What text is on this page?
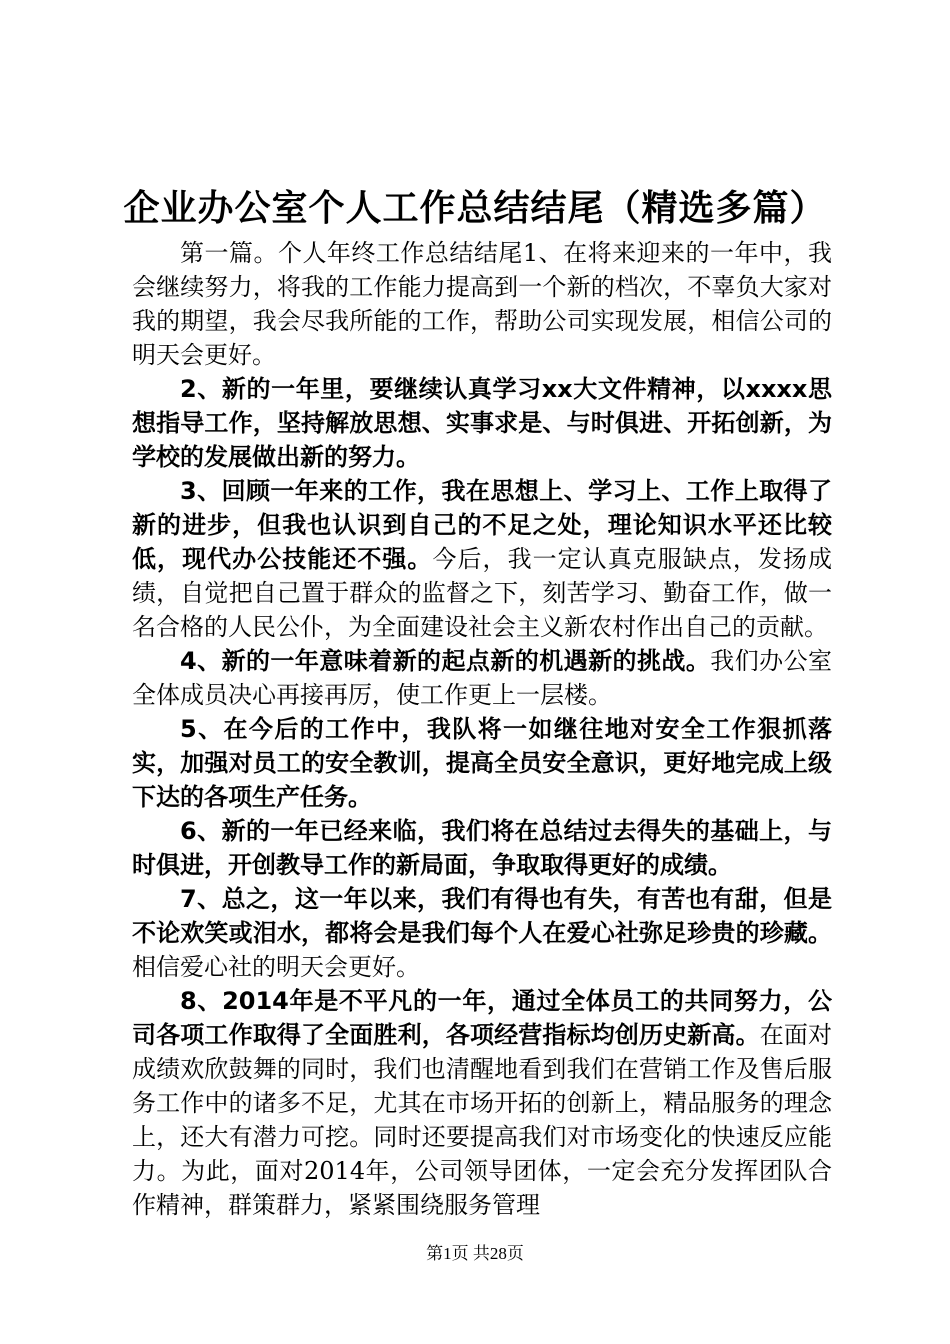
企业办公室个人工作总结结尾（精选多篇）

第一篇。个人年终工作总结结尾1、在将来迎来的一年中，我会继续努力，将我的工作能力提高到一个新的档次，不辜负大家对我的期望，我会尽我所能的工作，帮助公司实现发展，相信公司的明天会更好。

2、新的一年里，要继续认真学习xx大文件精神，以xxxx思想指导工作，坚持解放思想、实事求是、与时俱进、开拓创新，为学校的发展做出新的努力。

3、回顾一年来的工作，我在思想上、学习上、工作上取得了新的进步，但我也认识到自己的不足之处，理论知识水平还比较低，现代办公技能还不强。今后，我一定认真克服缺点，发扬成绩，自觉把自己置于群众的监督之下，刻苦学习、勤奋工作，做一名合格的人民公仆，为全面建设社会主义新农村作出自己的贡献。

4、新的一年意味着新的起点新的机遇新的挑战。我们办公室全体成员决心再接再厉，使工作更上一层楼。

5、在今后的工作中，我队将一如继往地对安全工作狠抓落实，加强对员工的安全教训，提高全员安全意识，更好地完成上级下达的各项生产任务。

6、新的一年已经来临，我们将在总结过去得失的基础上，与时俱进，开创教导工作的新局面，争取取得更好的成绩。

7、总之，这一年以来，我们有得也有失，有苦也有甜，但是不论欢笑或泪水，都将会是我们每个人在爱心社弥足珍贵的珍藏。相信爱心社的明天会更好。

8、2014年是不平凡的一年，通过全体员工的共同努力，公司各项工作取得了全面胜利，各项经营指标均创历史新高。在面对成绩欢欣鼓舞的同时，我们也清醒地看到我们在营销工作及售后服务工作中的诸多不足，尤其在市场开拓的创新上，精品服务的理念上，还大有潜力可挖。同时还要提高我们对市场变化的快速反应能力。为此，面对2014年，公司领导团体，一定会充分发挥团队合作精神，群策群力，紧紧围绕服务管理

第1页 共28页
